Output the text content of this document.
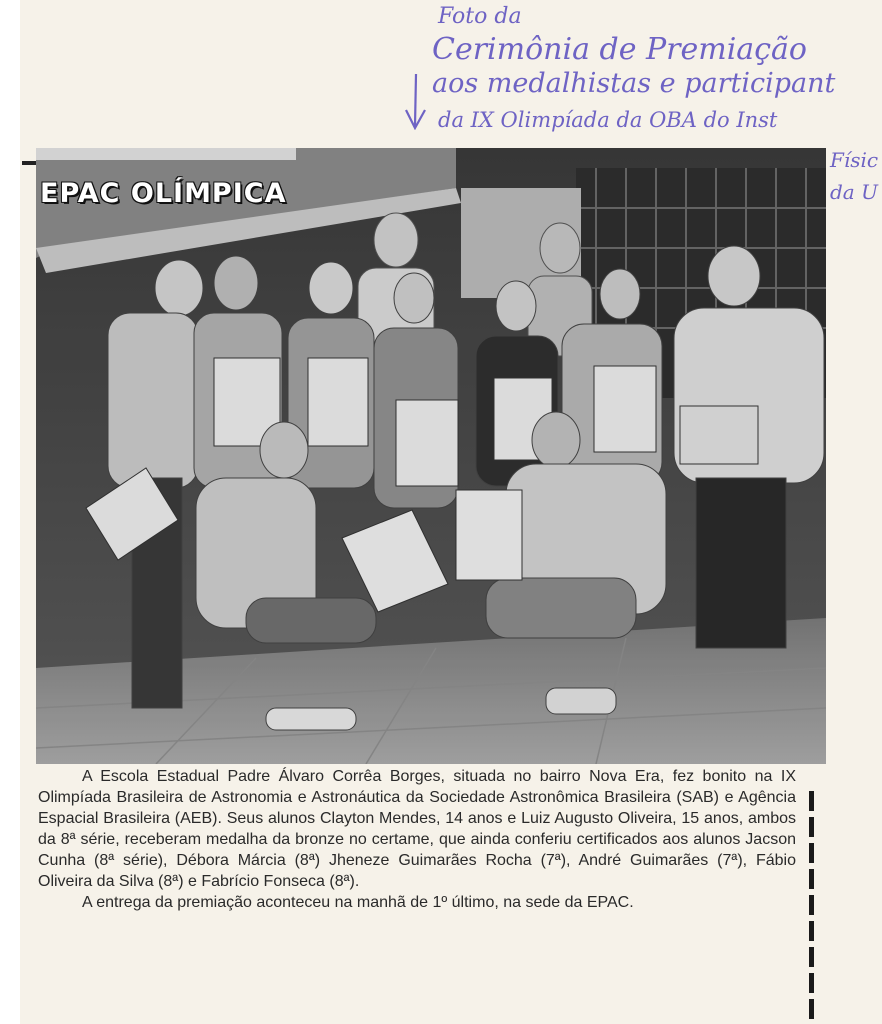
Foto da
Cerimônia de Premiação
aos medalhistas e participant
da IX Olimpíada da OBA do Inst
Físic
da U
EPAC OLÍMPICA

A Escola Estadual Padre Álvaro Corrêa Borges, situada no bairro Nova Era, fez bonito na IX Olimpíada Brasileira de Astronomia e Astronáutica da Sociedade Astronômica Brasileira (SAB) e Agência Espacial Brasileira (AEB). Seus alunos Clayton Mendes, 14 anos e Luiz Augusto Oliveira, 15 anos, ambos da 8ª série, receberam medalha da bronze no certame, que ainda conferiu certificados aos alunos Jacson Cunha (8ª série), Débora Márcia (8ª) Jheneze Guimarães Rocha (7ª), André Guimarães (7ª), Fábio Oliveira da Silva (8ª) e Fabrício Fonseca (8ª).

A entrega da premiação aconteceu na manhã de 1º último, na sede da EPAC.
